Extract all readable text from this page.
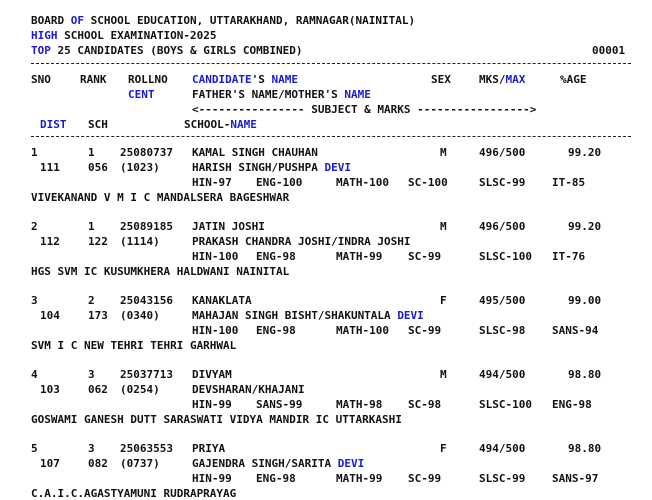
BOARD OF SCHOOL EDUCATION, UTTARAKHAND, RAMNAGAR(NAINITAL)
HIGH SCHOOL EXAMINATION-2025
TOP 25 CANDIDATES (BOYS & GIRLS COMBINED)	00001
SNO	RANK ROLLNO
CENT
CANDIDATE'S NAME	SEX	MKS/MAX	%AGE
FATHER'S NAME/MOTHER'S NAME
<---------------- SUBJECT & MARKS ----------------->
DIST SCH	SCHOOL-NAME
1	1 25080737 KAMAL SINGH CHAUHAN	M	496/500	99.20
111	056 (1023)	HARISH SINGH/PUSHPA DEVI
HIN-97 ENG-100	MATH-100 SC-100	SLSC-99 IT-85
VIVEKANAND V M I C MANDALSERA BAGESHWAR
2	1 25089185 JATIN JOSHI	M	496/500	99.20
112	122 (1114)	PRAKASH CHANDRA JOSHI/INDRA JOSHI
HIN-100 ENG-98	MATH-99 SC-99	SLSC-100 IT-76
HGS SVM IC KUSUMKHERA HALDWANI NAINITAL
3	2 25043156 KANAKLATA	F	495/500	99.00
104	173 (0340)	MAHAJAN SINGH BISHT/SHAKUNTALA DEVI
HIN-100 ENG-98	MATH-100 SC-99	SLSC-98 SANS-94
SVM I C NEW TEHRI TEHRI GARHWAL
4	3 25037713 DIVYAM	M	494/500	98.80
103	062 (0254)	DEVSHARAN/KHAJANI
HIN-99 SANS-99	MATH-98 SC-98	SLSC-100 ENG-98
GOSWAMI GANESH DUTT SARASWATI VIDYA MANDIR IC UTTARKASHI
5	3 25063553 PRIYA	F	494/500	98.80
107	082 (0737)	GAJENDRA SINGH/SARITA DEVI
HIN-99 ENG-98	MATH-99 SC-99	SLSC-99 SANS-97
C.A.I.C.AGASTYAMUNI RUDRAPRAYAG
